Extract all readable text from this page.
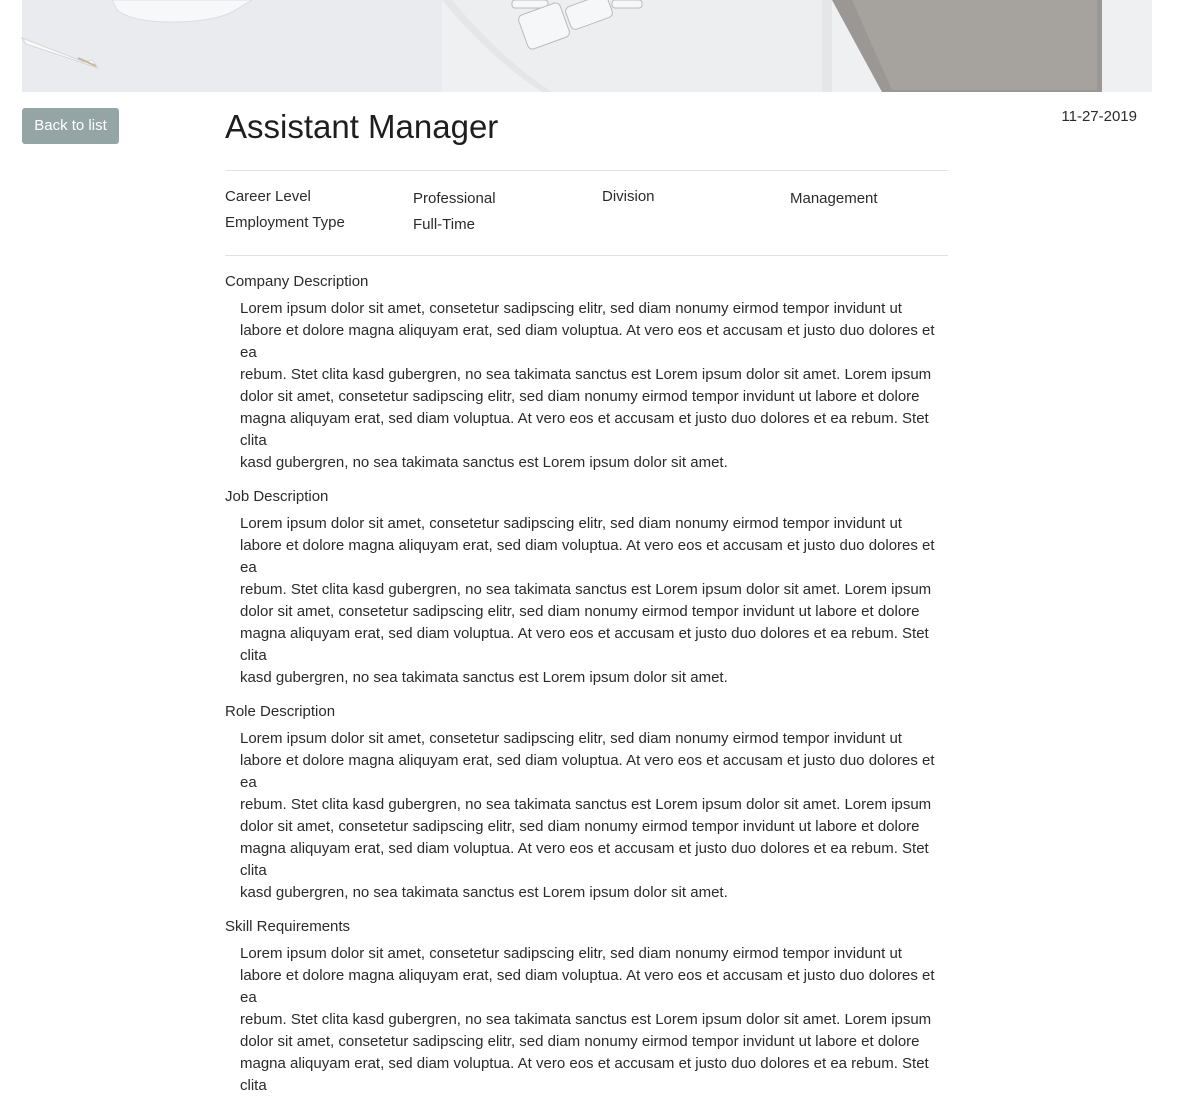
Back to list
11-27-2019
Assistant Manager
Career Level	Professional	Division	Management
Employment Type	Full-Time
Company Description
Lorem ipsum dolor sit amet, consetetur sadipscing elitr, sed diam nonumy eirmod tempor invidunt ut
labore et dolore magna aliquyam erat, sed diam voluptua. At vero eos et accusam et justo duo dolores et ea
rebum. Stet clita kasd gubergren, no sea takimata sanctus est Lorem ipsum dolor sit amet. Lorem ipsum
dolor sit amet, consetetur sadipscing elitr, sed diam nonumy eirmod tempor invidunt ut labore et dolore
magna aliquyam erat, sed diam voluptua. At vero eos et accusam et justo duo dolores et ea rebum. Stet clita
kasd gubergren, no sea takimata sanctus est Lorem ipsum dolor sit amet.
Job Description
Lorem ipsum dolor sit amet, consetetur sadipscing elitr, sed diam nonumy eirmod tempor invidunt ut
labore et dolore magna aliquyam erat, sed diam voluptua. At vero eos et accusam et justo duo dolores et ea
rebum. Stet clita kasd gubergren, no sea takimata sanctus est Lorem ipsum dolor sit amet. Lorem ipsum
dolor sit amet, consetetur sadipscing elitr, sed diam nonumy eirmod tempor invidunt ut labore et dolore
magna aliquyam erat, sed diam voluptua. At vero eos et accusam et justo duo dolores et ea rebum. Stet clita
kasd gubergren, no sea takimata sanctus est Lorem ipsum dolor sit amet.
Role Description
Lorem ipsum dolor sit amet, consetetur sadipscing elitr, sed diam nonumy eirmod tempor invidunt ut
labore et dolore magna aliquyam erat, sed diam voluptua. At vero eos et accusam et justo duo dolores et ea
rebum. Stet clita kasd gubergren, no sea takimata sanctus est Lorem ipsum dolor sit amet. Lorem ipsum
dolor sit amet, consetetur sadipscing elitr, sed diam nonumy eirmod tempor invidunt ut labore et dolore
magna aliquyam erat, sed diam voluptua. At vero eos et accusam et justo duo dolores et ea rebum. Stet clita
kasd gubergren, no sea takimata sanctus est Lorem ipsum dolor sit amet.
Skill Requirements
Lorem ipsum dolor sit amet, consetetur sadipscing elitr, sed diam nonumy eirmod tempor invidunt ut
labore et dolore magna aliquyam erat, sed diam voluptua. At vero eos et accusam et justo duo dolores et ea
rebum. Stet clita kasd gubergren, no sea takimata sanctus est Lorem ipsum dolor sit amet. Lorem ipsum
dolor sit amet, consetetur sadipscing elitr, sed diam nonumy eirmod tempor invidunt ut labore et dolore
magna aliquyam erat, sed diam voluptua. At vero eos et accusam et justo duo dolores et ea rebum. Stet clita
